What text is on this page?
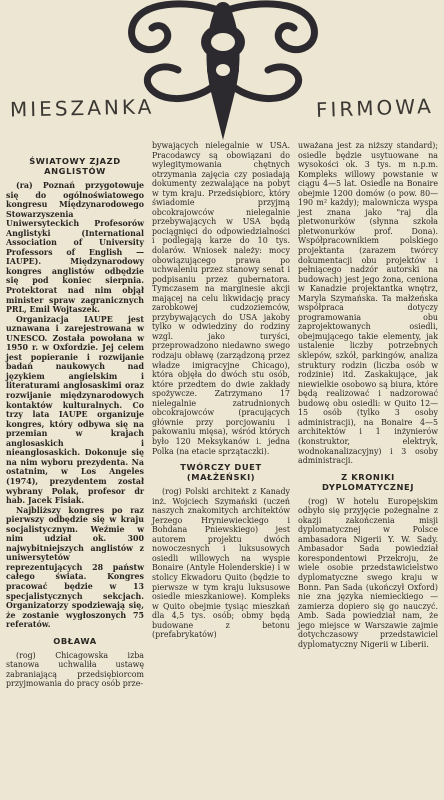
MIESZANKA	FIRMOWA
ŚWIATOWY ZJAZD ANGLISTÓW

(ra) Poznań przygotowuje się do ogólnoświatowego kongresu Międzynarodowego Stowarzyszenia Uniwersyteckich Profesorów Anglistyki (International Association of University Professors of English — IAUPE). Międzynarodowy kongres anglistów odbędzie się pod koniec sierpnia. Protektorat nad nim objął minister spraw zagranicznych PRL, Emil Wojtaszek.

Organizacja IAUPE jest uznawana i zarejestrowana w UNESCO. Została powołana w 1950 r. w Oxfordzie. Jej celem jest popieranie i rozwijanie badań naukowych nad językiem angielskim i literaturami anglosaskimi oraz rozwijanie międzynarodowych kontaktów kulturalnych. Co trzy lata IAUPE organizuje kongres, który odbywa się na przemian w krajach anglosaskich i nieanglosaskich. Dokonuje się na nim wyboru prezydenta. Na ostatnim, w Los Angeles (1974), prezydentem został wybrany Polak, profesor dr hab. Jacek Fisiak.

Najbliższy kongres po raz pierwszy odbędzie się w kraju socjalistycznym. Weźmie w nim udział ok. 300 najwybitniejszych anglistów z uniwersytetów reprezentujących 28 państw całego świata. Kongres pracować będzie w 13 specjalistycznych sekcjach. Organizatorzy spodziewają się, że zostanie wygłoszonych 75 referatów.

OBŁAWA

(rog) Chicagowska izba stanowa uchwaliła ustawę zabraniającą przedsiębiorcom przyjmowania do pracy osób prze-

bywających nielegalnie w USA. Pracodawcy są obowiązani do wylegitymowania chętnych otrzymania zajęcia czy posiadają dokumenty zezwalające na pobyt w tym kraju. Przedsiębiorc, który świadomie przyjmą obcokrajowców nielegalnie przebywających w USA będą pociągnięci do odpowiedzialności i podlegają karze do 10 tys. dolarów. Wniosek należy: mocy obowiązującego prawa po uchwaleniu przez stanowy senat i podpisaniu przez gubernatora. Tymczasem na marginesie akcji mającej na celu likwidację pracy zarobkowej cudzoziemców, przybywających do USA jakoby tylko w odwiedziny do rodziny wzgl. jako turyści, przeprowadzono niedawno swego rodzaju obławę (zarządzoną przez władze imigracyjne Chicago), która objęła do dwóch stu osób, które przedtem do dwie zakłady spożywcze. Zatrzymano 17 nielegalnie zatrudnionych obcokrajowców (pracujących głównie przy porcjowaniu i pakowaniu mięsa), wśród których było 120 Meksykanów i. jedna Polka (na etacie sprzątaczki).

TWÓRCZY DUET (MAŁŻEŃSKI)

(rog) Polski architekt z Kanady inż. Wojciech Szymański (uczeń naszych znakomitych architektów Jerzego Hryniewieckiego i Bohdana Pniewskiego) jest autorem projektu dwóch nowoczesnych i luksusowych osiedli willowych na wyspie Bonaire (Antyle Holenderskie) i w stolicy Ekwadoru Quito (będzie to pierwsze w tym kraju luksusowe osiedle mieszkaniowe). Kompleks w Quito obejmie tysiąc mieszkań dla 4,5 tys. osób; obmy będą budowane z betonu (prefabrykatów)

uważana jest za niższy standard); osiedle będzie usytuowane na wysokości ok. 3 tys. m n.p.m. Kompleks willowy powstanie w ciągu 4—5 lat. Osiedle na Bonaire obejmie 1200 domów (o pow. 80—190 m² każdy); malownicza wyspa jest znana jako "raj dla pletwonurków (słynna szkoła pletwonurków prof. Dona). Współpracownikiem polskiego projektanta (zarazem twórcy dokumentacji obu projektów i pełniącego nadzór autorski na budowach) jest jego żona, ceniona w Kanadzie projektantka wnętrz, Maryla Szymańska. Ta małżeńska współpraca dotyczy programowania obu zaprojektowanych osiedli, obejmującego takie elementy, jak ustalenie liczby potrzebnych sklepów, szkół, parkingów, analiza struktury rodzin (liczba osób w rodzinie) itd. Zaskakujące, jak niewielkie osobowo są biura, które będą realizować i nadzorować budowę obu osiedli: w Quito 12—15 osób (tylko 3 osoby administracji), na Bonaire 4—5 architektów i 1 inżynierów (konstruktor, elektryk, wodnokanalizacyjny) i 3 osoby administracji.

Z KRONIKI DYPLOMATYCZNEJ

(rog) W hotelu Europejskim odbyło się przyjęcie pożegnalne z okazji zakończenia misji dyplomatycznej w Polsce ambasadora Nigerii Y. W. Sady. Ambasador Sada powiedział korespondentowi Przekroju, że wiele osobie przedstawicielstwo dyplomatyczne swego kraju w Bonn. Pan Sada (ukończył Oxford) nie zna języka niemieckiego — zamierza dopiero się go nauczyć. Amb. Sada powiedział nam, że jego miejsce w Warszawie zajmie dotychczasowy przedstawiciel dyplomatyczny Nigerii w Liberii.
